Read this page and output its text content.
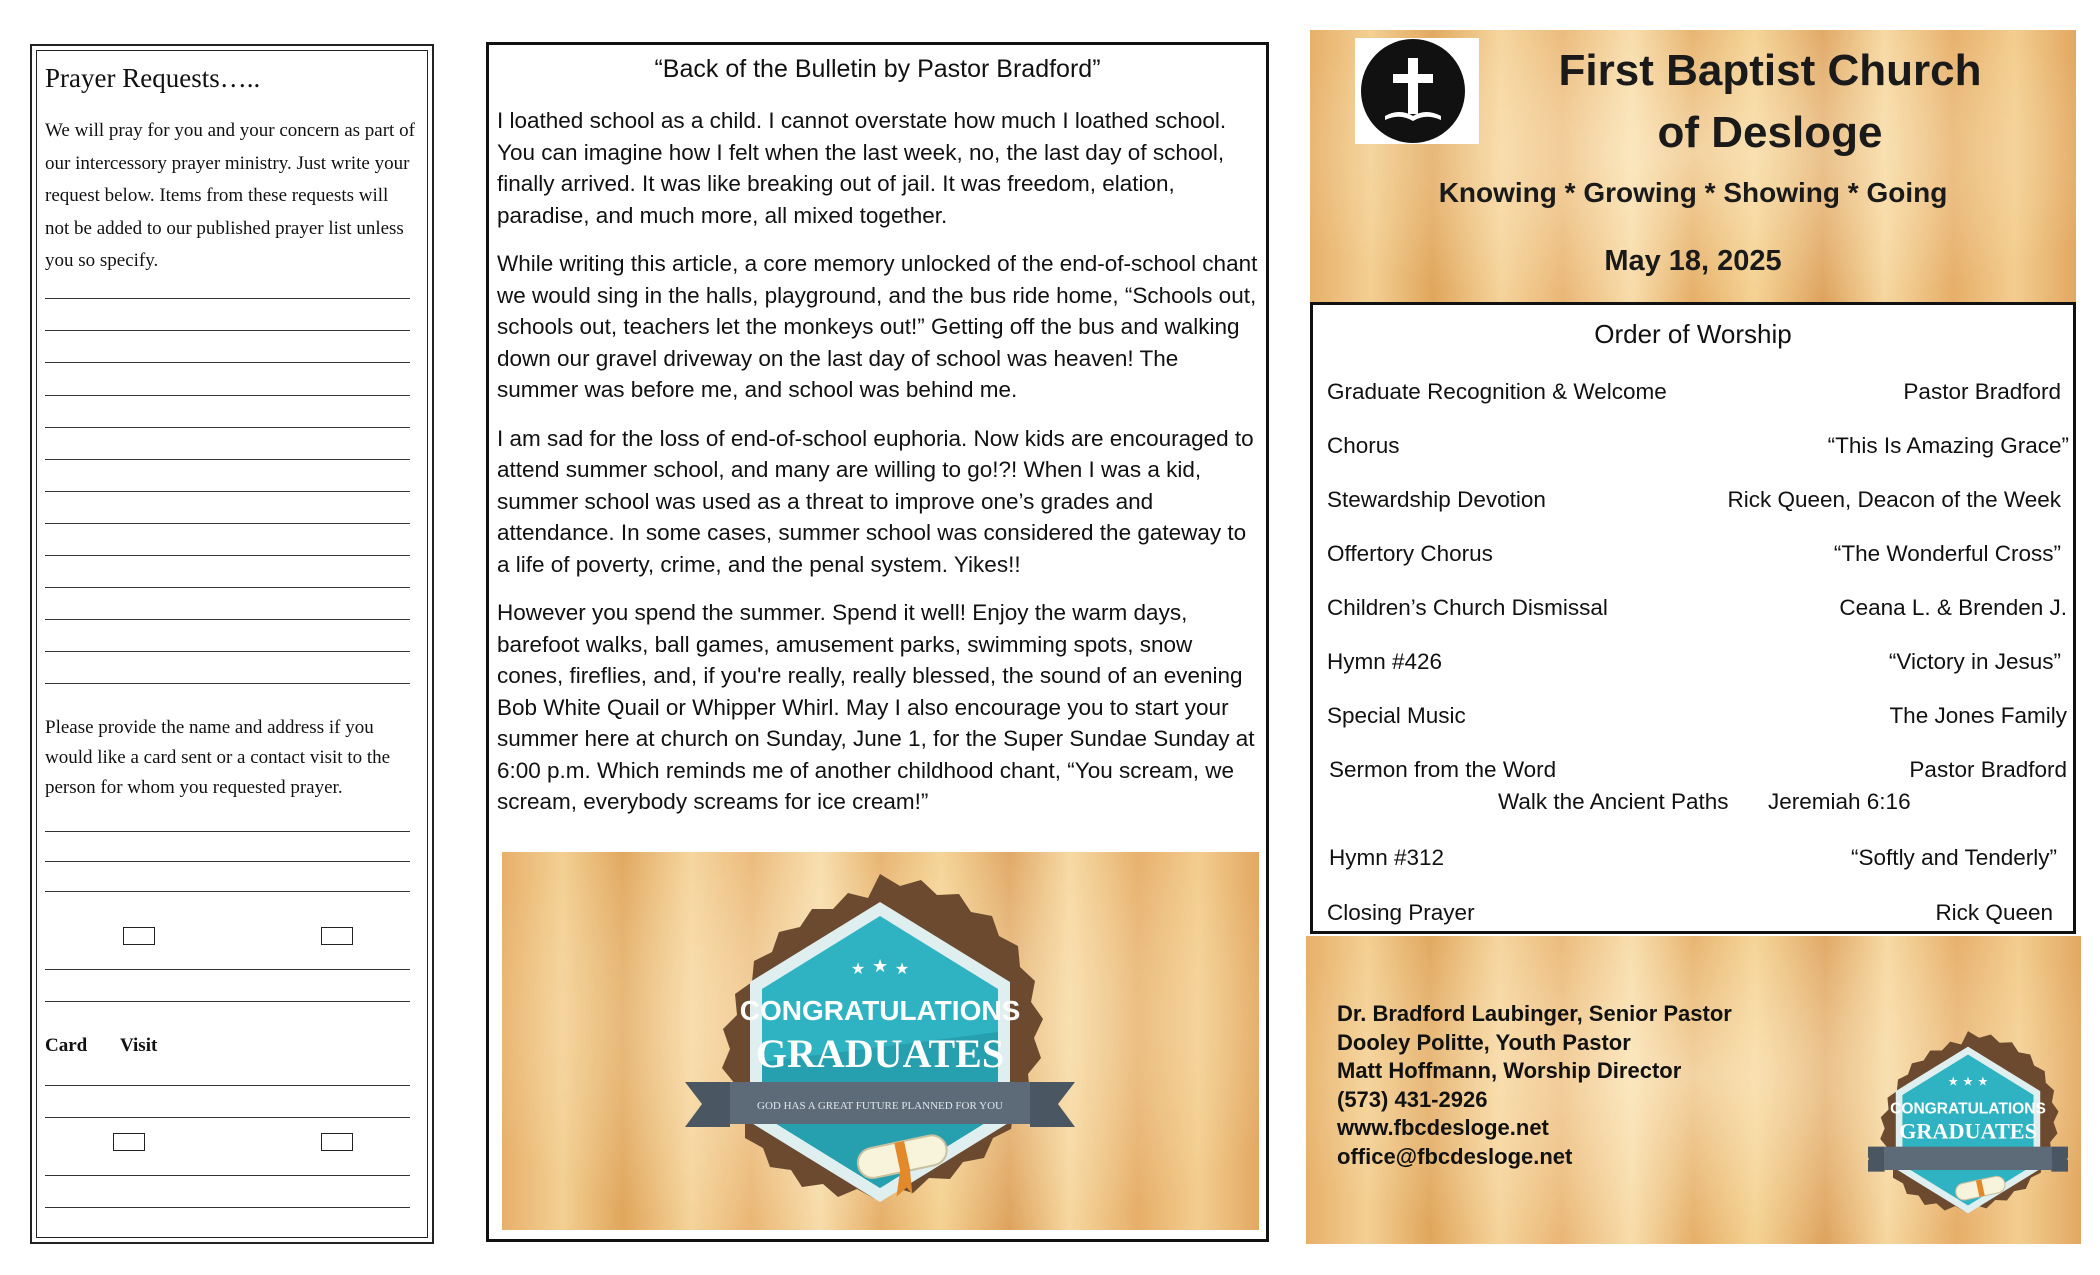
Prayer Requests…..
We will pray for you and your concern as part of our intercessory prayer ministry. Just write your request below. Items from these requests will not be added to our published prayer list unless you so specify.
Please provide the name and address if you would like a card sent or a contact visit to the person for whom you requested prayer.
Card Visit
“Back of the Bulletin by Pastor Bradford”

I loathed school as a child. I cannot overstate how much I loathed school. You can imagine how I felt when the last week, no, the last day of school, finally arrived. It was like breaking out of jail. It was freedom, elation, paradise, and much more, all mixed together.

While writing this article, a core memory unlocked of the end-of-school chant we would sing in the halls, playground, and the bus ride home, “Schools out, schools out, teachers let the monkeys out!” Getting off the bus and walking down our gravel driveway on the last day of school was heaven! The summer was before me, and school was behind me.

I am sad for the loss of end-of-school euphoria. Now kids are encouraged to attend summer school, and many are willing to go!?! When I was a kid, summer school was used as a threat to improve one’s grades and attendance. In some cases, summer school was considered the gateway to a life of poverty, crime, and the penal system. Yikes!!

However you spend the summer. Spend it well! Enjoy the warm days, barefoot walks, ball games, amusement parks, swimming spots, snow cones, fireflies, and, if you're really, really blessed, the sound of an evening Bob White Quail or Whipper Whirl. May I also encourage you to start your summer here at church on Sunday, June 1, for the Super Sundae Sunday at 6:00 p.m. Which reminds me of another childhood chant, “You scream, we scream, everybody screams for ice cream!”

★ ★ ★
CONGRATULATIONS
GRADUATES
GOD HAS A GREAT FUTURE PLANNED FOR YOU
First Baptist Church
of Desloge
Knowing * Growing * Showing * Going
May 18, 2025
Order of Worship
Graduate Recognition & Welcome	Pastor Bradford
Chorus	“This Is Amazing Grace”
Stewardship Devotion	Rick Queen, Deacon of the Week
Offertory Chorus	“The Wonderful Cross”
Children’s Church Dismissal	Ceana L. & Brenden J.
Hymn #426	“Victory in Jesus”
Special Music	The Jones Family
Sermon from the Word	Pastor Bradford
Walk the Ancient Paths Jeremiah 6:16
Hymn #312	“Softly and Tenderly”
Closing Prayer	Rick Queen
Dr. Bradford Laubinger, Senior Pastor
Dooley Politte, Youth Pastor
Matt Hoffmann, Worship Director
(573) 431-2926
www.fbcdesloge.net
office@fbcdesloge.net
★ ★ ★
CONGRATULATIONS
GRADUATES
